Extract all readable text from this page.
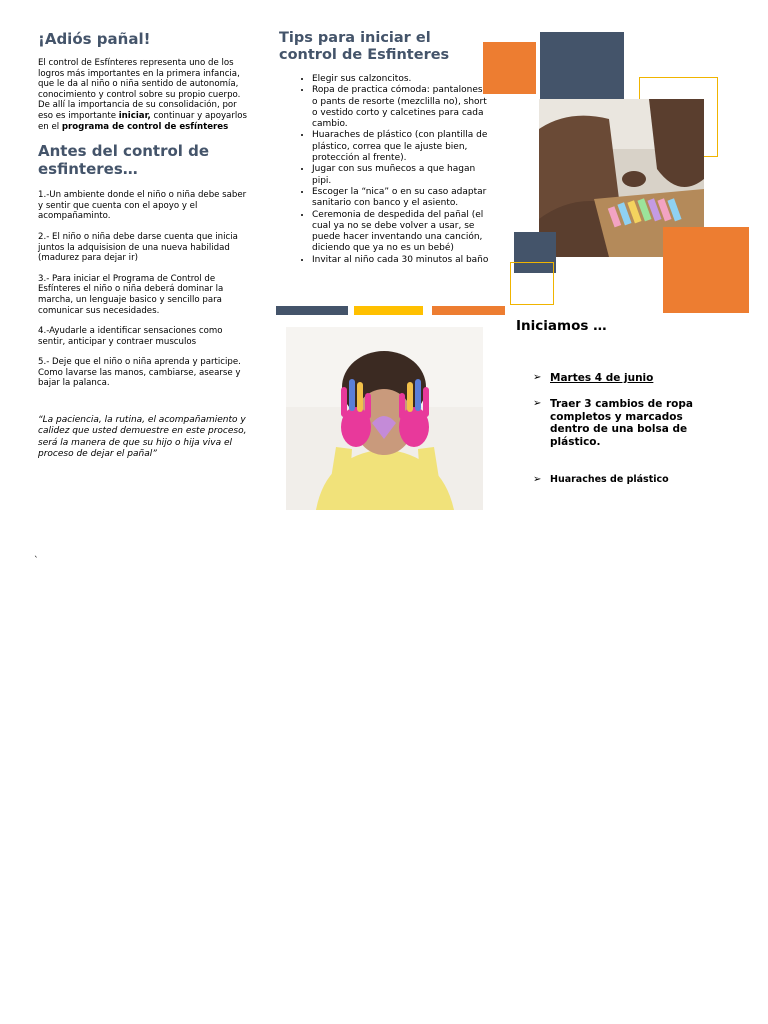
¡Adiós pañal!
El control de Esfínteres representa uno de los logros más importantes en la primera infancia, que le da al niño o niña sentido de autonomía, conocimiento y control sobre su propio cuerpo. De allí la importancia de su consolidación, por eso es importante iniciar, continuar y apoyarlos en el programa de control de esfínteres
Antes del control de esfinteres…
1.-Un ambiente donde el niño o niña debe saber y sentir que cuenta con el apoyo y el acompañaminto.
2.- El niño o niña debe darse cuenta que inicia juntos la adquisision de una nueva habilidad (madurez para dejar ir)
3.- Para iniciar el Programa de Control de Esfínteres el niño o niña deberá dominar la marcha, un lenguaje basico y sencillo para comunicar sus necesidades.
4.-Ayudarle a identificar sensaciones como sentir, anticipar y contraer musculos
5.- Deje que el niño o niña aprenda y participe. Como lavarse las manos, cambiarse, asearse y bajar la palanca.
“La paciencia, la rutina, el acompañamiento y calidez que usted demuestre en este proceso, será la manera de que su hijo o hija viva el proceso de dejar el pañal”
`
Tips para iniciar el control de Esfinteres
• Elegir sus calzoncitos.
• Ropa de practica cómoda: pantalones o pants de resorte (mezclilla no), short o vestido corto y calcetines para cada cambio.
• Huaraches de plástico (con plantilla de plástico, correa que le ajuste bien, protección al frente).
• Jugar con sus muñecos a que hagan pipi.
• Escoger la “nica” o en su caso adaptar sanitario con banco y el asiento.
• Ceremonia de despedida del pañal (el cual ya no se debe volver a usar, se puede hacer inventando una canción, diciendo que ya no es un bebé)
• Invitar al niño cada 30 minutos al baño
Iniciamos …
➢ Martes 4 de junio
➢ Traer 3 cambios de ropa completos y marcados dentro de una bolsa de plástico.
➢ Huaraches de plástico
